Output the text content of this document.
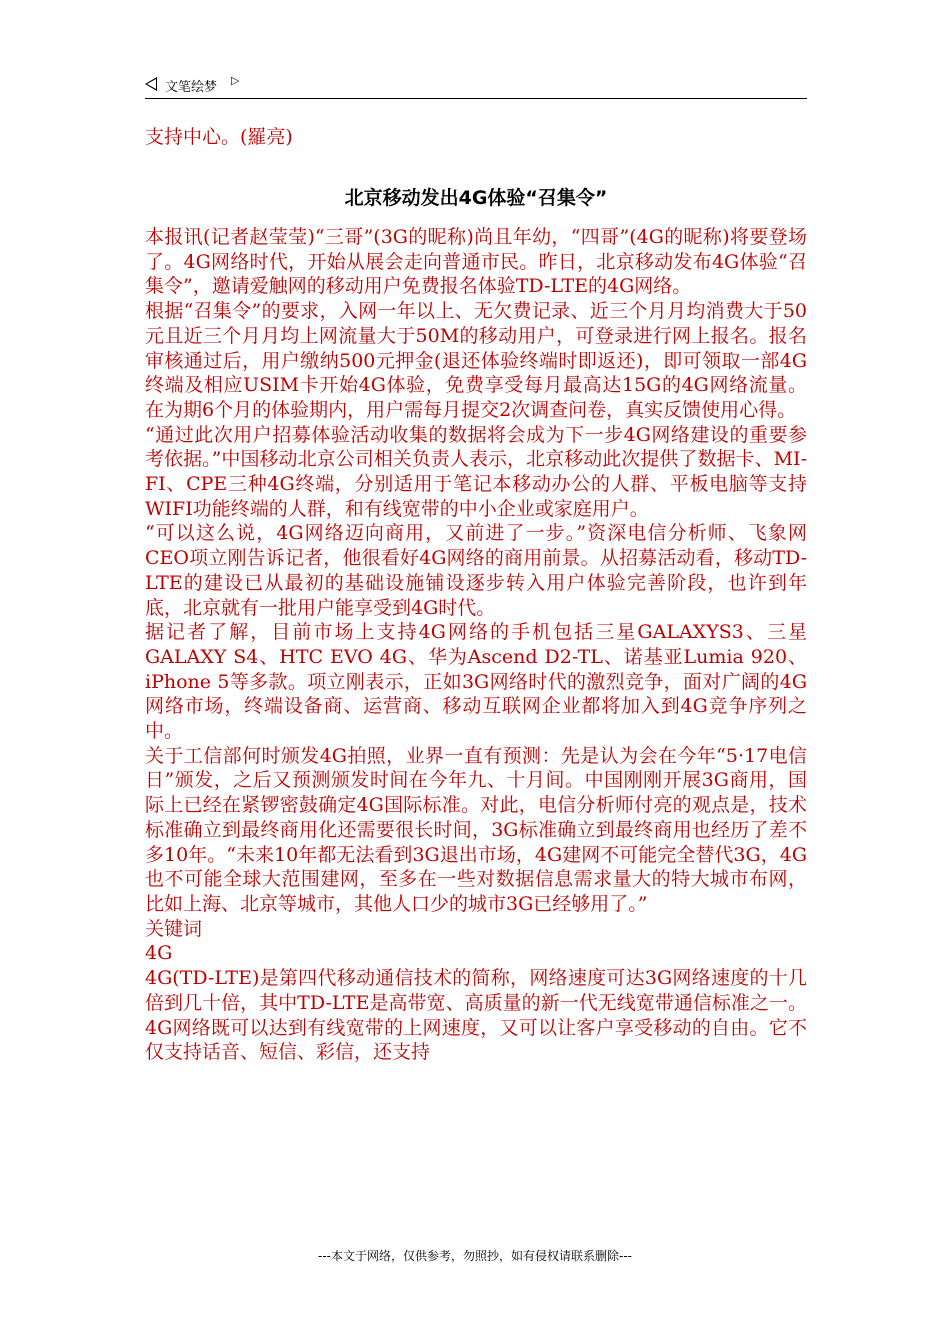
文笔绘梦 ▷
支持中心。(羅亮)
北京移动发出4G体验“召集令”

本报讯(记者赵莹莹)“三哥”(3G的昵称)尚且年幼，“四哥”(4G的昵称)将要登场了。4G网络时代，开始从展会走向普通市民。昨日，北京移动发布4G体验“召集令”，邀请爱触网的移动用户免费报名体验TD-LTE的4G网络。

根据“召集令”的要求，入网一年以上、无欠费记录、近三个月月均消费大于50元且近三个月月均上网流量大于50M的移动用户，可登录进行网上报名。报名审核通过后，用户缴纳500元押金(退还体验终端时即返还)，即可领取一部4G终端及相应USIM卡开始4G体验，免费享受每月最高达15G的4G网络流量。在为期6个月的体验期内，用户需每月提交2次调查问卷，真实反馈使用心得。

“通过此次用户招募体验活动收集的数据将会成为下一步4G网络建设的重要参考依据。”中国移动北京公司相关负责人表示，北京移动此次提供了数据卡、MI-FI、CPE三种4G终端，分别适用于笔记本移动办公的人群、平板电脑等支持WIFI功能终端的人群，和有线宽带的中小企业或家庭用户。

“可以这么说，4G网络迈向商用，又前进了一步。”资深电信分析师、飞象网CEO项立刚告诉记者，他很看好4G网络的商用前景。从招募活动看，移动TD-LTE的建设已从最初的基础设施铺设逐步转入用户体验完善阶段，也许到年底，北京就有一批用户能享受到4G时代。

据记者了解，目前市场上支持4G网络的手机包括三星GALAXYS3、三星GALAXY S4、HTC EVO 4G、华为Ascend D2-TL、诺基亚Lumia 920、iPhone 5等多款。项立刚表示，正如3G网络时代的激烈竞争，面对广阔的4G网络市场，终端设备商、运营商、移动互联网企业都将加入到4G竞争序列之中。

关于工信部何时颁发4G拍照，业界一直有预测：先是认为会在今年“5·17电信日”颁发，之后又预测颁发时间在今年九、十月间。中国刚刚开展3G商用，国际上已经在紧锣密鼓确定4G国际标准。对此，电信分析师付亮的观点是，技术标准确立到最终商用化还需要很长时间，3G标准确立到最终商用也经历了差不多10年。“未来10年都无法看到3G退出市场，4G建网不可能完全替代3G，4G也不可能全球大范围建网，至多在一些对数据信息需求量大的特大城市布网，比如上海、北京等城市，其他人口少的城市3G已经够用了。”

关键词

4G

4G(TD-LTE)是第四代移动通信技术的简称，网络速度可达3G网络速度的十几倍到几十倍，其中TD-LTE是高带宽、高质量的新一代无线宽带通信标准之一。4G网络既可以达到有线宽带的上网速度，又可以让客户享受移动的自由。它不仅支持话音、短信、彩信，还支持

---本文于网络，仅供参考，勿照抄，如有侵权请联系删除---
